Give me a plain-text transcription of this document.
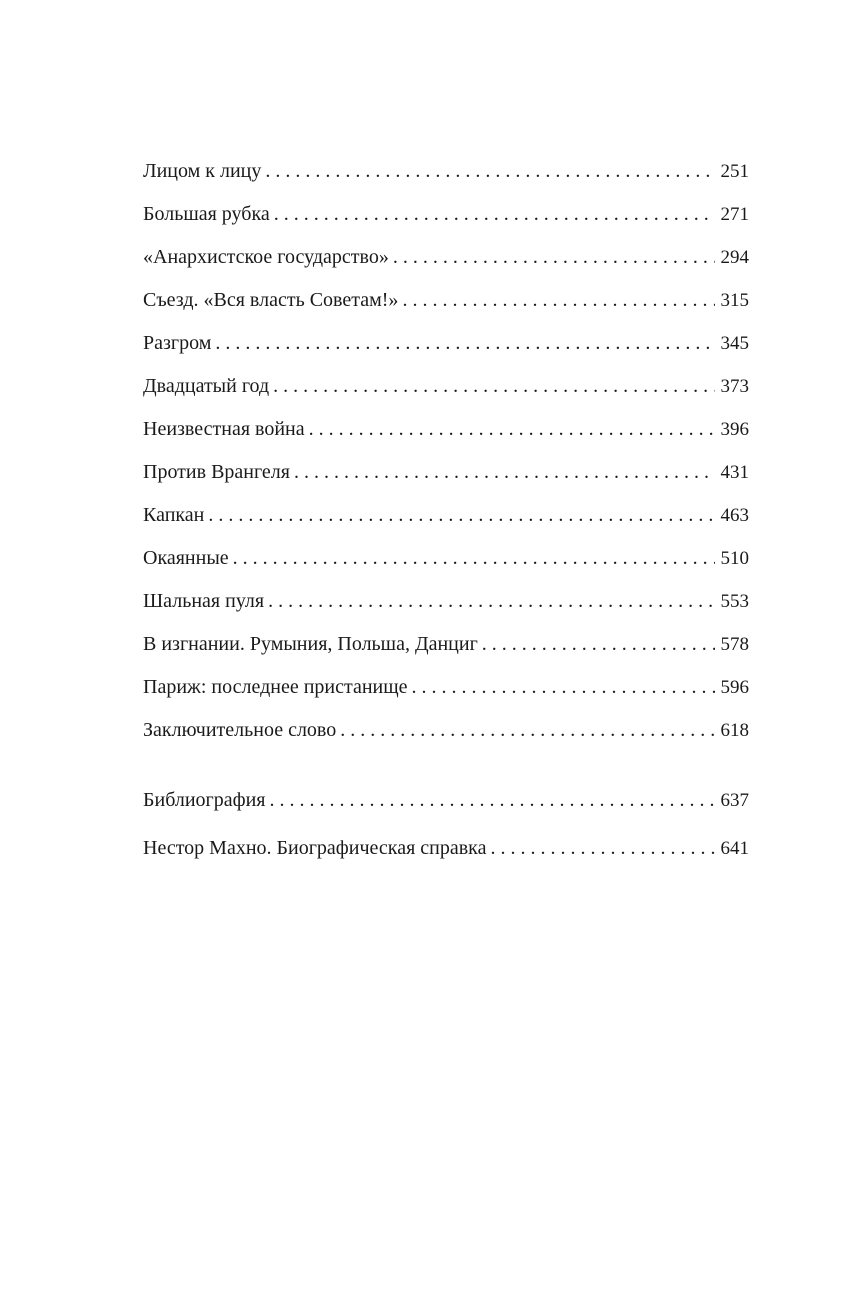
Лицом к лицу . . .	251
Большая рубка . . .	271
«Анархистское государство» . . .	294
Съезд. «Вся власть Советам!» . . .	315
Разгром . . .	345
Двадцатый год . . .	373
Неизвестная война . . .	396
Против Врангеля . . .	431
Капкан . . .	463
Окаянные . . .	510
Шальная пуля . . .	553
В изгнании. Румыния, Польша, Данциг . . .	578
Париж: последнее пристанище . . .	596
Заключительное слово . . .	618
Библиография . . .	637
Нестор Махно. Биографическая справка . . .	641
